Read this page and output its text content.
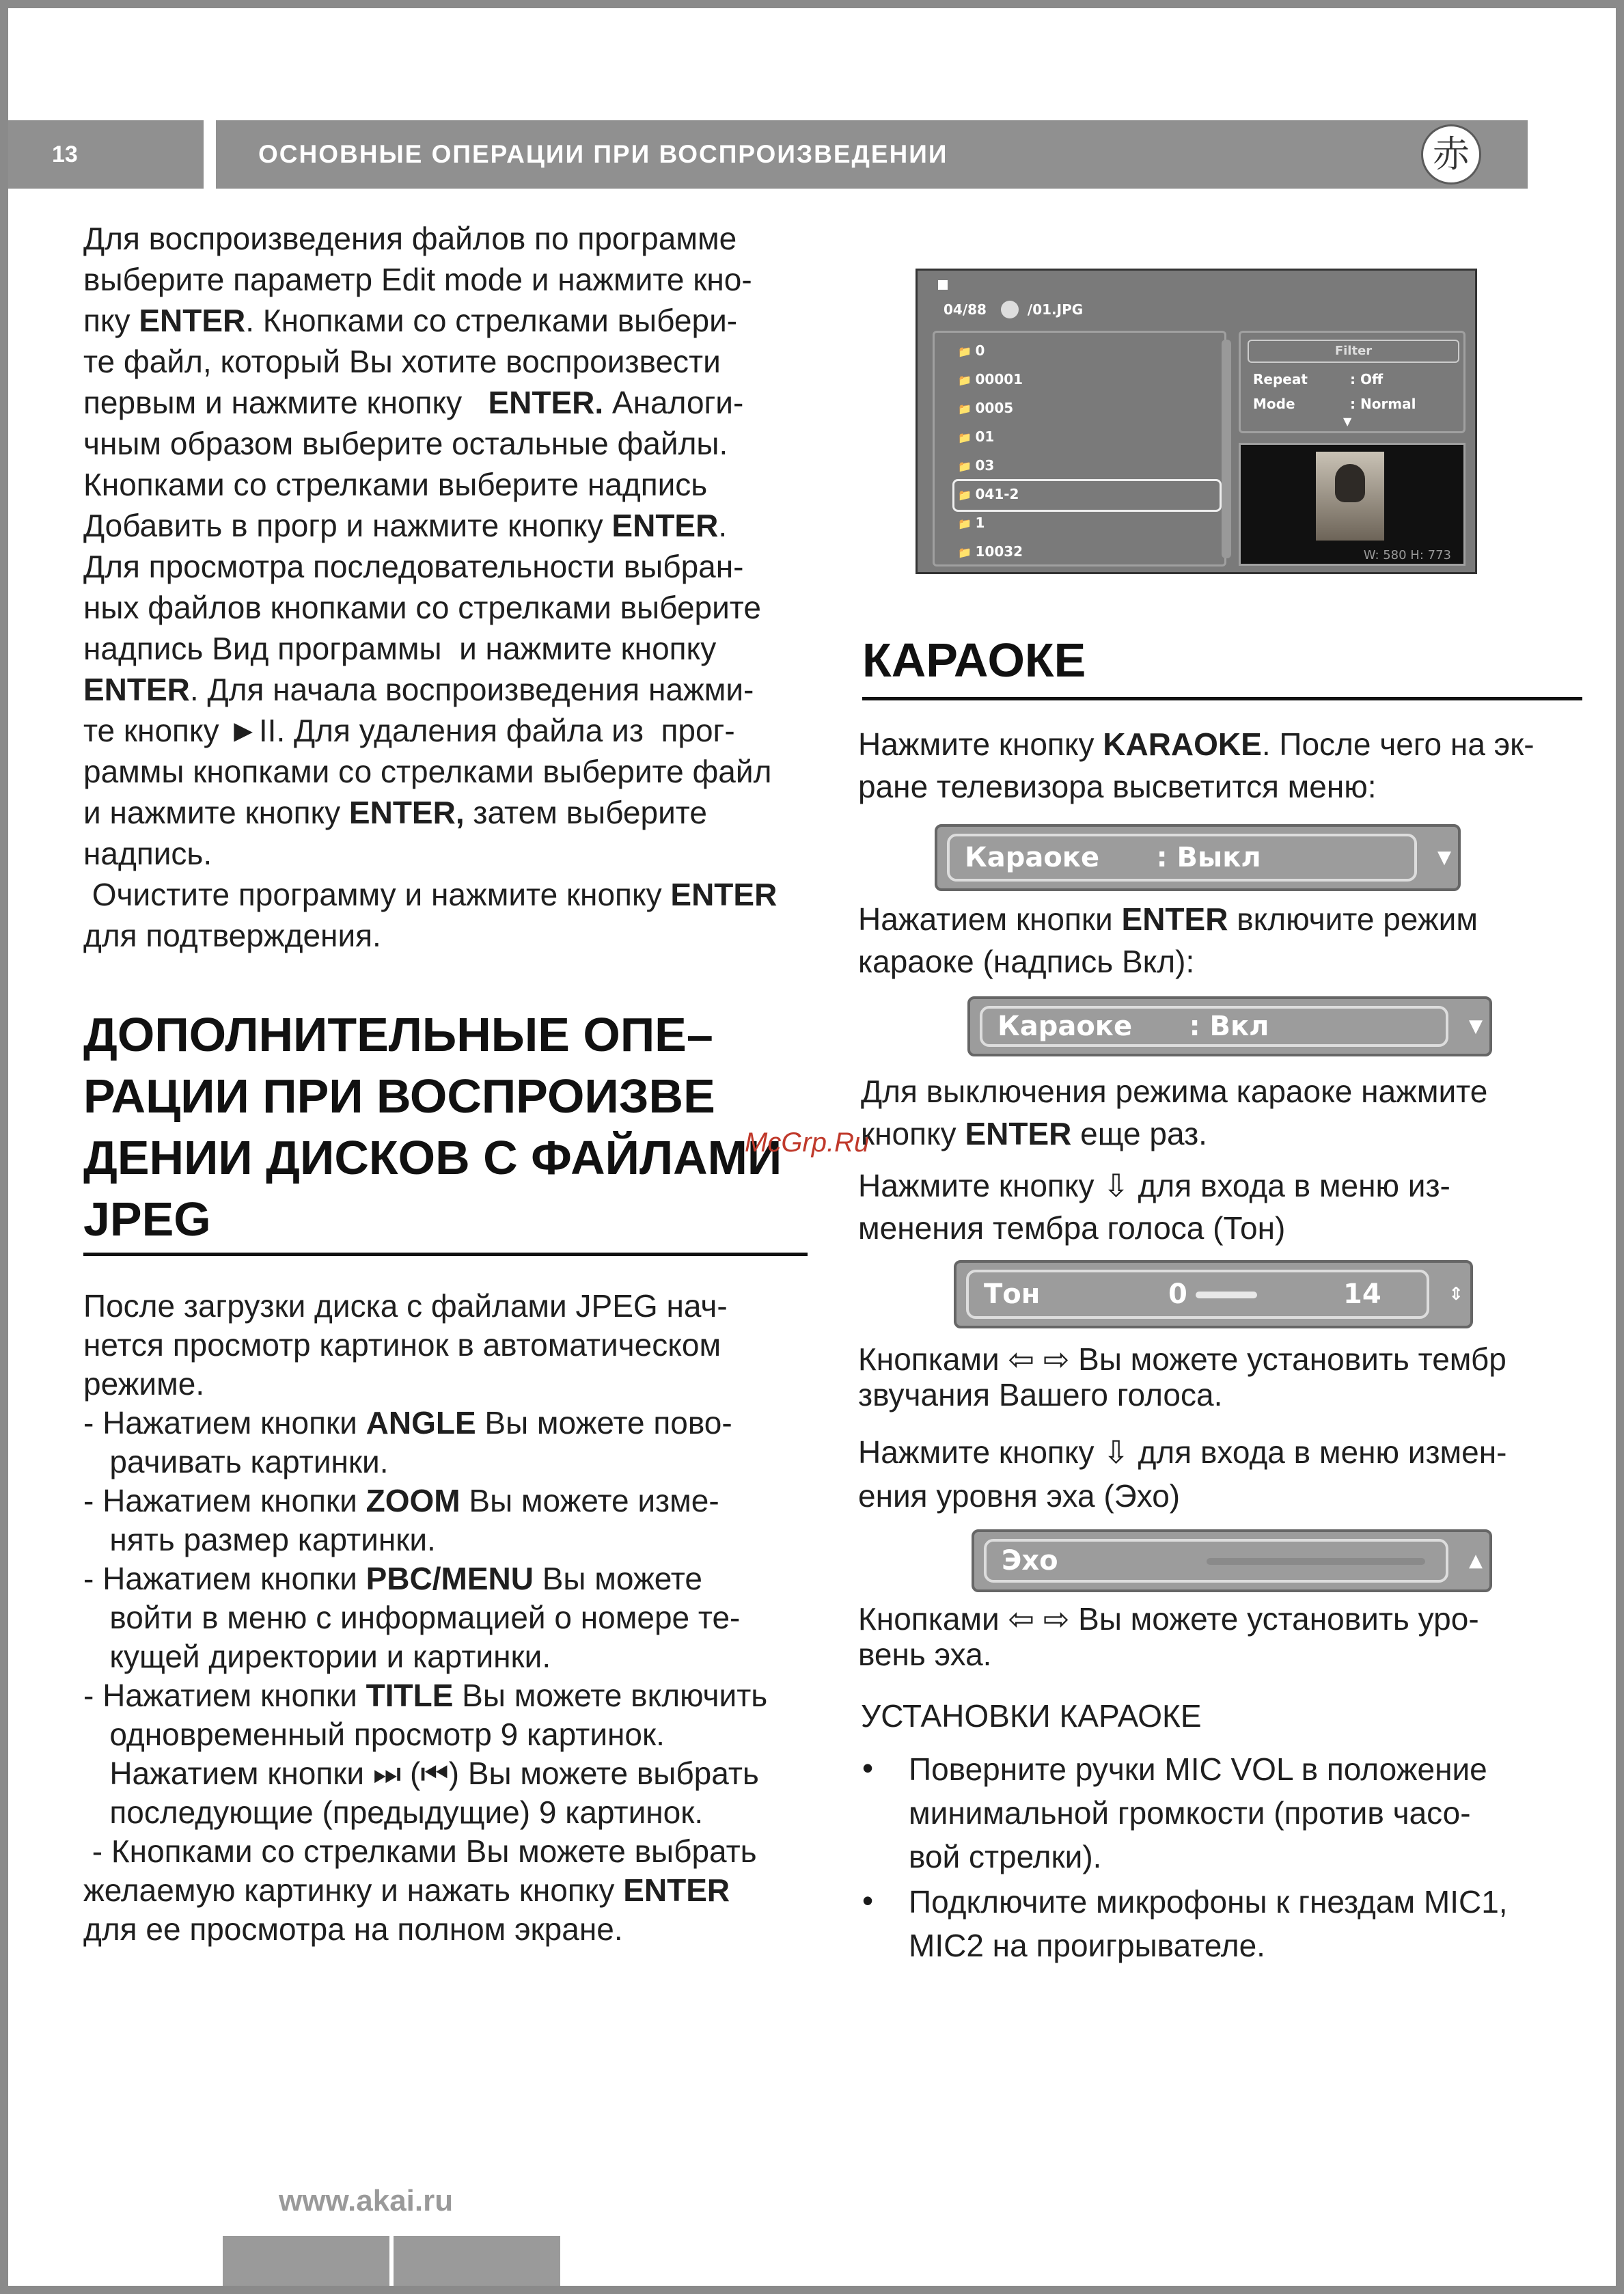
13	ОСНОВНЫЕ ОПЕРАЦИИ ПРИ ВОСПРОИЗВЕДЕНИИ	赤
Для воспроизведения файлов по программе
выберите параметр Edit mode и нажмите кно-
пку ENTER. Кнопками со стрелками выбери-
те файл, который Вы хотите воспроизвести
первым и нажмите кнопку   ENTER. Аналоги-
чным образом выберите остальные файлы.
Кнопками со стрелками выберите надпись
Добавить в прогр и нажмите кнопку ENTER.
Для просмотра последовательности выбран-
ных файлов кнопками со стрелками выберите
надпись Вид программы  и нажмите кнопку
ENTER. Для начала воспроизведения нажми-
те кнопку ►II. Для удаления файла из  прог-
раммы кнопками со стрелками выберите файл
и нажмите кнопку ENTER, затем выберите
надпись.
Очистите программу и нажмите кнопку ENTER
для подтверждения.
ДОПОЛНИТЕЛЬНЫЕ ОПЕ–
РАЦИИ ПРИ ВОСПРОИЗВЕ
ДЕНИИ ДИСКОВ С ФАЙЛАМИ
JPEG
После загрузки диска с файлами JPEG нач-
нется просмотр картинок в автоматическом
режиме.
- Нажатием кнопки ANGLE Вы можете пово-
рачивать картинки.
- Нажатием кнопки ZOOM Вы можете изме-
нять размер картинки.
- Нажатием кнопки PBC/MENU Вы можете
войти в меню с информацией о номере те-
кущей директории и картинки.
- Нажатием кнопки TITLE Вы можете включить
одновременный просмотр 9 картинок.
Нажатием кнопки ⏭ (⏮) Вы можете выбрать
последующие (предыдущие) 9 картинок.
- Кнопками со стрелками Вы можете выбрать
желаемую картинку и нажать кнопку ENTER
для ее просмотра на полном экране.
McGrp.Ru
04/88	/01.JPG
📁 0
📁 00001
📁 0005
📁 01
📁 03
📁 041-2
📁 1
📁 10032
Filter
Repeat	: Off
Mode	: Normal
▼
W: 580 H: 773
КАРАОКЕ
Нажмите кнопку KARAOKE. После чего на эк-
ране телевизора высветится меню:
Караоке      : Выкл	▼
Нажатием кнопки ENTER включите режим
караоке (надпись Вкл):
Караоке      : Вкл	▼
Для выключения режима караоке нажмите
кнопку ENTER еще раз.
Нажмите кнопку ⇩ для входа в меню из-
менения тембра голоса (Тон)
Тон	0	14	⇕
Кнопками ⇦ ⇨ Вы можете установить тембр
звучания Вашего голоса.
Нажмите кнопку ⇩ для входа в меню измен-
ения уровня эха (Эхо)
Эхо	▲
Кнопками ⇦ ⇨ Вы можете установить уро-
вень эха.
УСТАНОВКИ КАРАОКЕ
• Поверните ручки MIC VOL в положение
минимальной громкости (против часо-
вой стрелки).
• Подключите микрофоны к гнездам MIC1,
MIC2 на проигрывателе.
www.akai.ru
